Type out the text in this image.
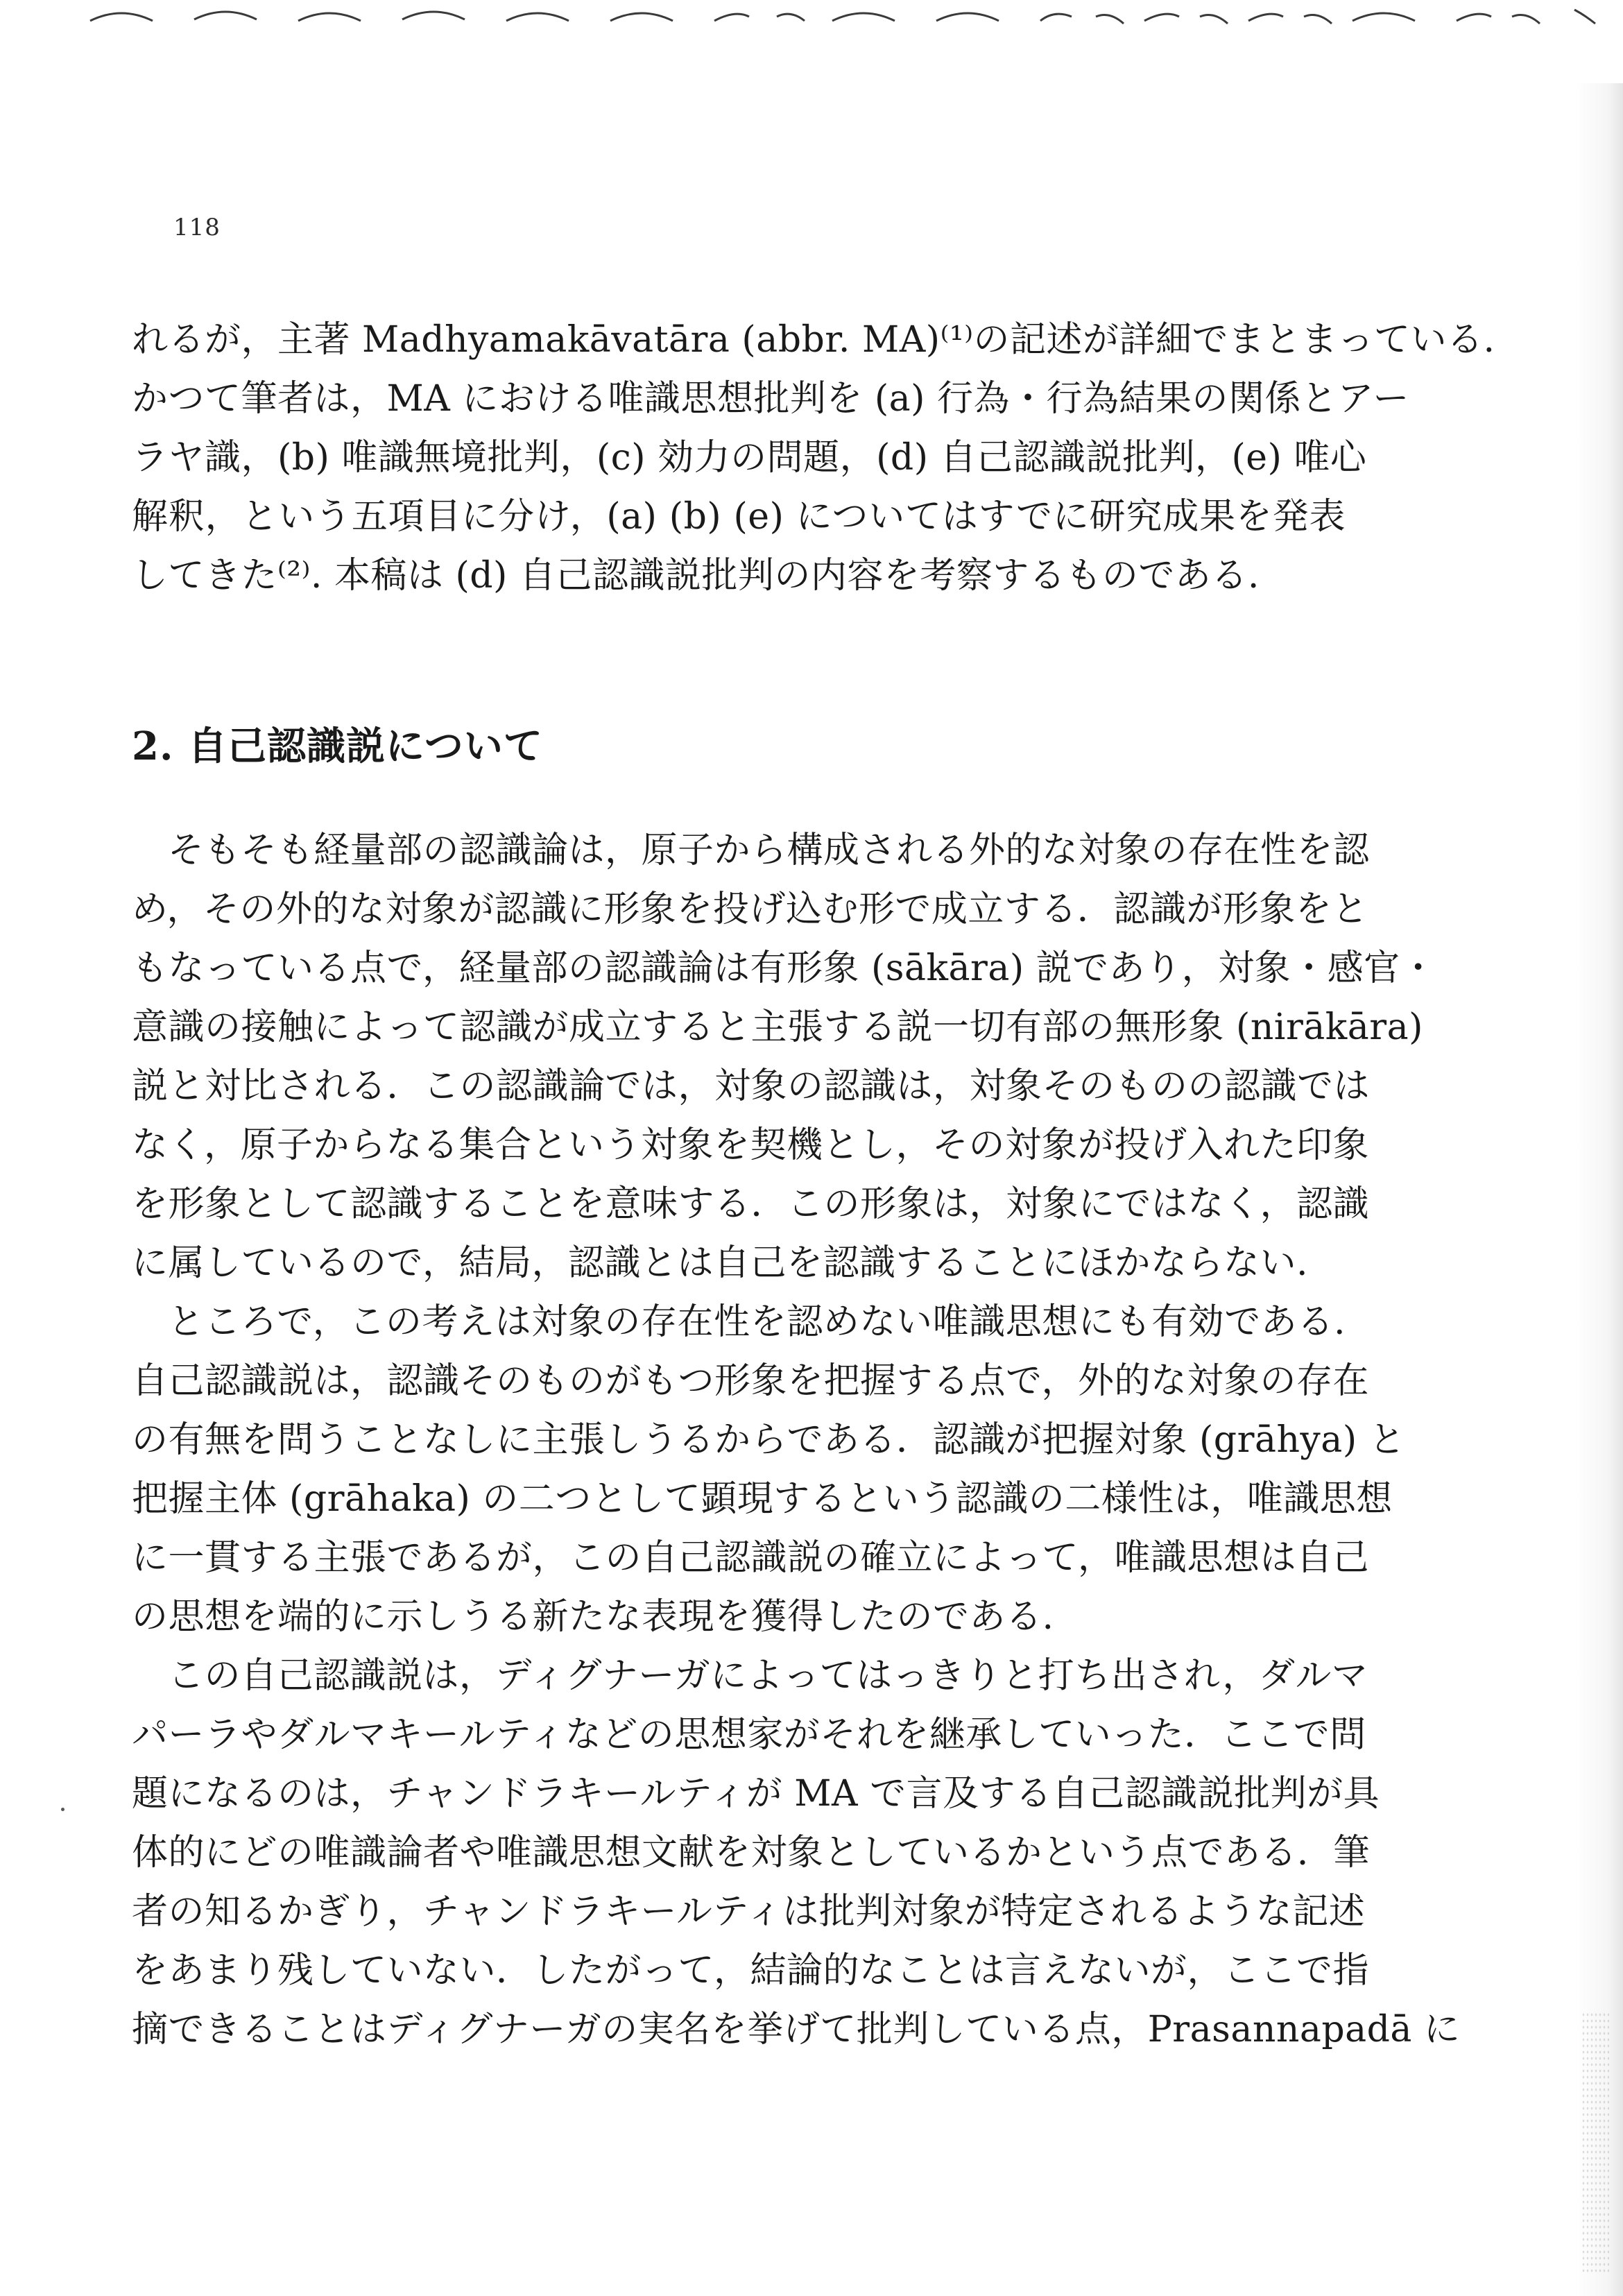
118
れるが，主著 Madhyamakāvatāra (abbr. MA)⁽¹⁾の記述が詳細でまとまっている.
かつて筆者は，MA における唯識思想批判を (a) 行為・行為結果の関係とアー
ラヤ識，(b) 唯識無境批判，(c) 効力の問題，(d) 自己認識説批判，(e) 唯心
解釈，という五項目に分け，(a) (b) (e) についてはすでに研究成果を発表
してきた⁽²⁾. 本稿は (d) 自己認識説批判の内容を考察するものである.
2. 自己認識説について
そもそも経量部の認識論は，原子から構成される外的な対象の存在性を認
め，その外的な対象が認識に形象を投げ込む形で成立する．認識が形象をと
もなっている点で，経量部の認識論は有形象 (sākāra) 説であり，対象・感官・
意識の接触によって認識が成立すると主張する説一切有部の無形象 (nirākāra)
説と対比される．この認識論では，対象の認識は，対象そのものの認識では
なく，原子からなる集合という対象を契機とし，その対象が投げ入れた印象
を形象として認識することを意味する．この形象は，対象にではなく，認識
に属しているので，結局，認識とは自己を認識することにほかならない.
ところで，この考えは対象の存在性を認めない唯識思想にも有効である.
自己認識説は，認識そのものがもつ形象を把握する点で，外的な対象の存在
の有無を問うことなしに主張しうるからである．認識が把握対象 (grāhya) と
把握主体 (grāhaka) の二つとして顕現するという認識の二様性は，唯識思想
に一貫する主張であるが，この自己認識説の確立によって，唯識思想は自己
の思想を端的に示しうる新たな表現を獲得したのである.
この自己認識説は，ディグナーガによってはっきりと打ち出され，ダルマ
パーラやダルマキールティなどの思想家がそれを継承していった．ここで問
題になるのは，チャンドラキールティが MA で言及する自己認識説批判が具
体的にどの唯識論者や唯識思想文献を対象としているかという点である．筆
者の知るかぎり，チャンドラキールティは批判対象が特定されるような記述
をあまり残していない．したがって，結論的なことは言えないが，ここで指
摘できることはディグナーガの実名を挙げて批判している点，Prasannapadā に
